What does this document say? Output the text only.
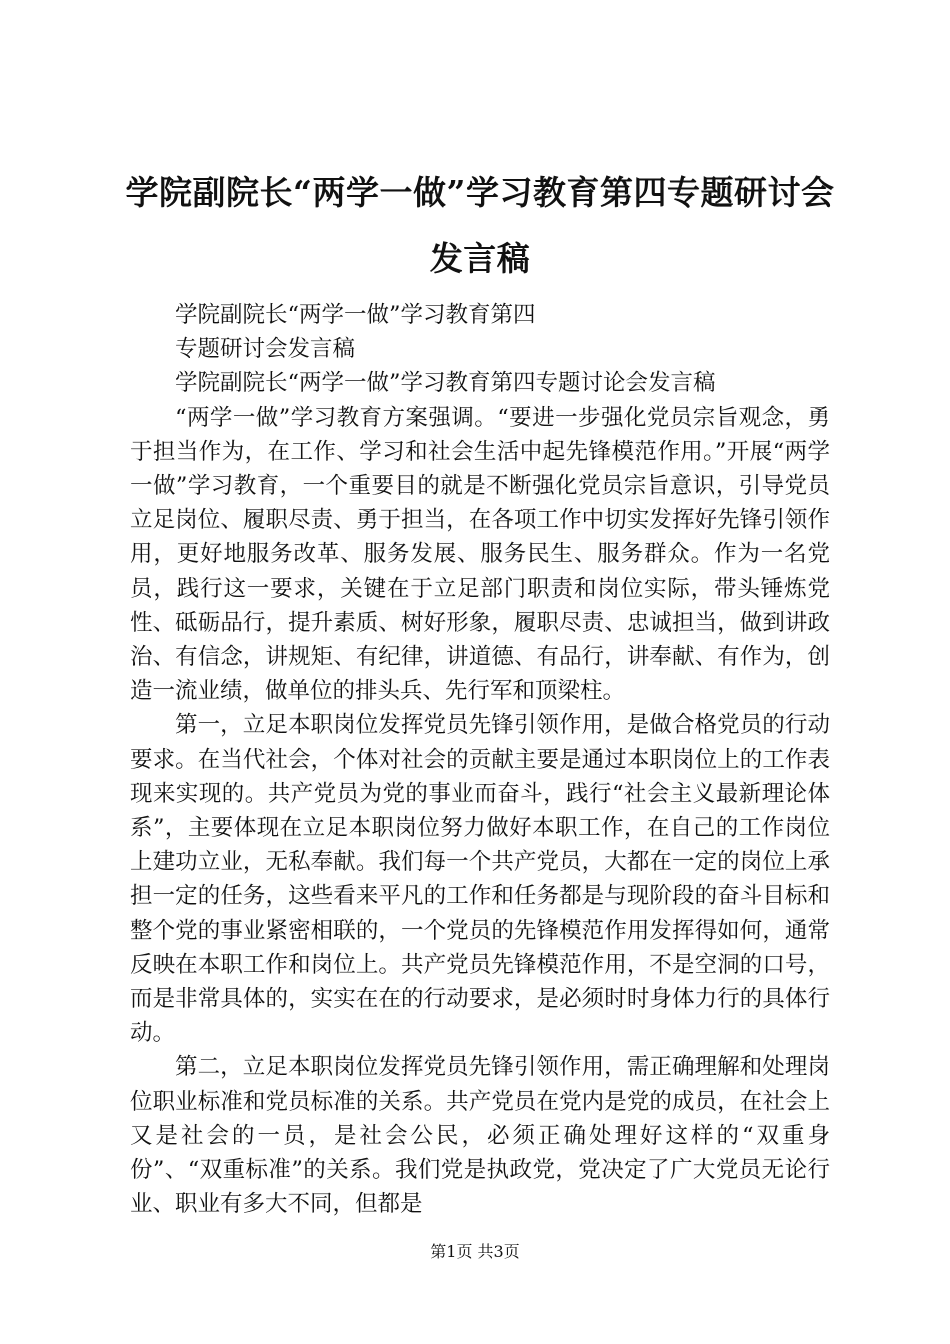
学院副院长“两学一做”学习教育第四专题研讨会发言稿

学院副院长“两学一做”学习教育第四

专题研讨会发言稿

学院副院长“两学一做”学习教育第四专题讨论会发言稿

“两学一做”学习教育方案强调。“要进一步强化党员宗旨观念，勇于担当作为，在工作、学习和社会生活中起先锋模范作用。”开展“两学一做”学习教育，一个重要目的就是不断强化党员宗旨意识，引导党员立足岗位、履职尽责、勇于担当，在各项工作中切实发挥好先锋引领作用，更好地服务改革、服务发展、服务民生、服务群众。作为一名党员，践行这一要求，关键在于立足部门职责和岗位实际，带头锤炼党性、砥砺品行，提升素质、树好形象，履职尽责、忠诚担当，做到讲政治、有信念，讲规矩、有纪律，讲道德、有品行，讲奉献、有作为，创造一流业绩，做单位的排头兵、先行军和顶梁柱。

第一，立足本职岗位发挥党员先锋引领作用，是做合格党员的行动要求。在当代社会，个体对社会的贡献主要是通过本职岗位上的工作表现来实现的。共产党员为党的事业而奋斗，践行“社会主义最新理论体系”，主要体现在立足本职岗位努力做好本职工作，在自己的工作岗位上建功立业，无私奉献。我们每一个共产党员，大都在一定的岗位上承担一定的任务，这些看来平凡的工作和任务都是与现阶段的奋斗目标和整个党的事业紧密相联的，一个党员的先锋模范作用发挥得如何，通常反映在本职工作和岗位上。共产党员先锋模范作用，不是空洞的口号，而是非常具体的，实实在在的行动要求，是必须时时身体力行的具体行动。

第二，立足本职岗位发挥党员先锋引领作用，需正确理解和处理岗位职业标准和党员标准的关系。共产党员在党内是党的成员，在社会上又是社会的一员，是社会公民，必须正确处理好这样的“双重身份”、“双重标准”的关系。我们党是执政党，党决定了广大党员无论行业、职业有多大不同，但都是

第1页 共3页
